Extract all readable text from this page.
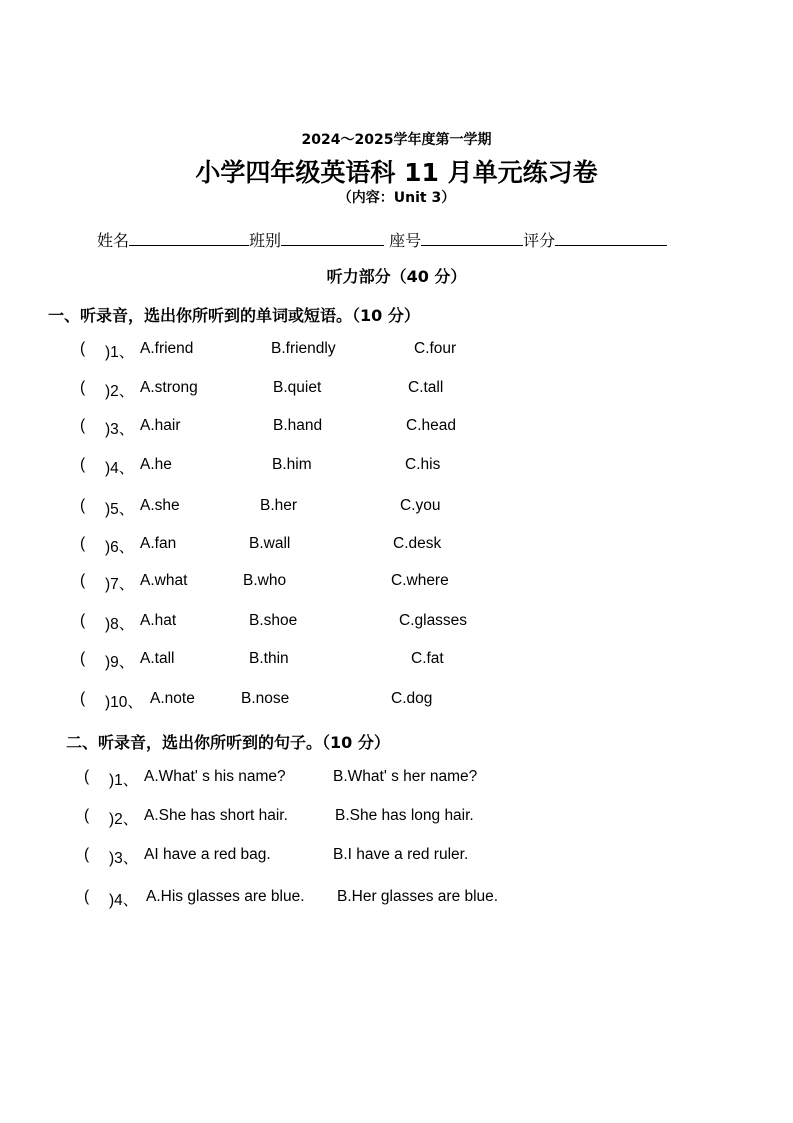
2024～2025学年度第一学期
小学四年级英语科 11 月单元练习卷
（内容：Unit 3）
姓名	班别	座号	评分
听力部分（40 分）
一、听录音，选出你所听到的单词或短语。（10 分）
( )1、 A.friend	B.friendly	C.four
( )2、 A.strong	B.quiet	C.tall
( )3、 A.hair	B.hand	C.head
( )4、 A.he	B.him	C.his
( )5、 A.she	B.her	C.you
( )6、 A.fan	B.wall	C.desk
( )7、 A.what	B.who	C.where
( )8、 A.hat	B.shoe	C.glasses
( )9、 A.tall	B.thin	C.fat
( )10、 A.note	B.nose	C.dog
二、听录音，选出你所听到的句子。（10 分）
( )1、 A.What' s his name?	B.What' s her name?
( )2、 A.She has short hair.	B.She has long hair.
( )3、 AI have a red bag.	B.I have a red ruler.
( )4、 A.His glasses are blue. B.Her glasses are blue.
